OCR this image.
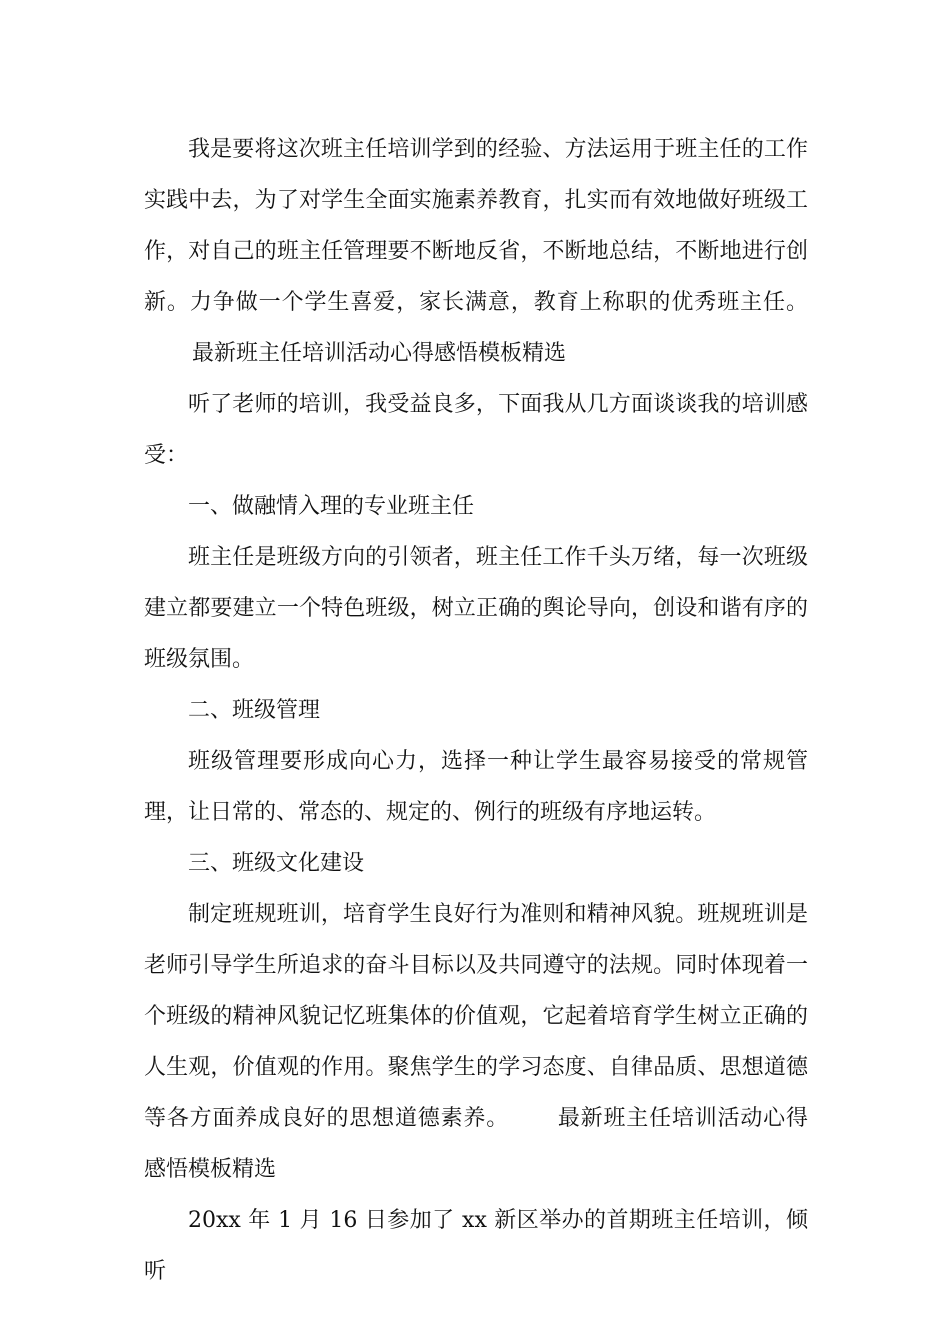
我是要将这次班主任培训学到的经验、方法运用于班主任的工作实践中去，为了对学生全面实施素养教育，扎实而有效地做好班级工作，对自己的班主任管理要不断地反省，不断地总结，不断地进行创新。力争做一个学生喜爱，家长满意，教育上称职的优秀班主任。最新班主任培训活动心得感悟模板精选

听了老师的培训，我受益良多，下面我从几方面谈谈我的培训感受：

一、做融情入理的专业班主任

班主任是班级方向的引领者，班主任工作千头万绪，每一次班级建立都要建立一个特色班级，树立正确的舆论导向，创设和谐有序的班级氛围。

二、班级管理

班级管理要形成向心力，选择一种让学生最容易接受的常规管理，让日常的、常态的、规定的、例行的班级有序地运转。

三、班级文化建设

制定班规班训，培育学生良好行为准则和精神风貌。班规班训是老师引导学生所追求的奋斗目标以及共同遵守的法规。同时体现着一个班级的精神风貌记忆班集体的价值观，它起着培育学生树立正确的人生观，价值观的作用。聚焦学生的学习态度、自律品质、思想道德等各方面养成良好的思想道德素养。 最新班主任培训活动心得感悟模板精选

20xx 年 1 月 16 日参加了 xx 新区举办的首期班主任培训，倾听
